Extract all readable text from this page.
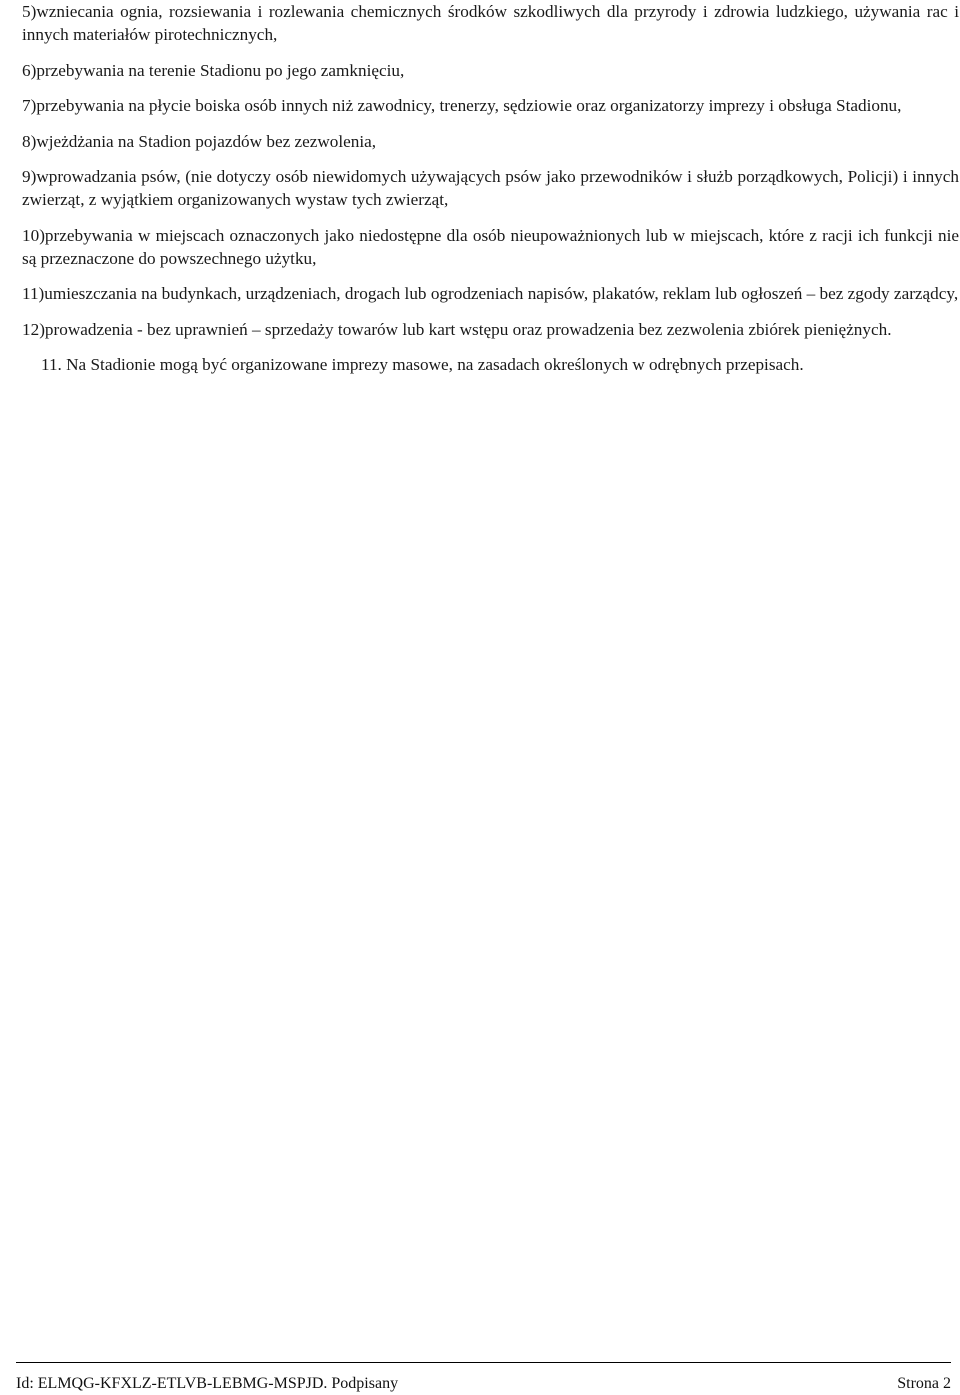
5)wzniecania ognia, rozsiewania i rozlewania chemicznych środków szkodliwych dla przyrody i zdrowia ludzkiego, używania rac i innych materiałów pirotechnicznych,

6)przebywania na terenie Stadionu po jego zamknięciu,

7)przebywania na płycie boiska osób innych niż zawodnicy, trenerzy, sędziowie oraz organizatorzy imprezy i obsługa Stadionu,

8)wjeżdżania na Stadion pojazdów bez zezwolenia,

9)wprowadzania psów, (nie dotyczy osób niewidomych używających psów jako przewodników i służb porządkowych, Policji) i innych zwierząt, z wyjątkiem organizowanych wystaw tych zwierząt,

10)przebywania w miejscach oznaczonych jako niedostępne dla osób nieupoważnionych lub w miejscach, które z racji ich funkcji nie są przeznaczone do powszechnego użytku,

11)umieszczania na budynkach, urządzeniach, drogach lub ogrodzeniach napisów, plakatów, reklam lub ogłoszeń – bez zgody zarządcy,

12)prowadzenia - bez uprawnień – sprzedaży towarów lub kart wstępu oraz prowadzenia bez zezwolenia zbiórek pieniężnych.

11. Na Stadionie mogą być organizowane imprezy masowe, na zasadach określonych w odrębnych przepisach.

Id: ELMQG-KFXLZ-ETLVB-LEBMG-MSPJD. Podpisany	Strona 2
